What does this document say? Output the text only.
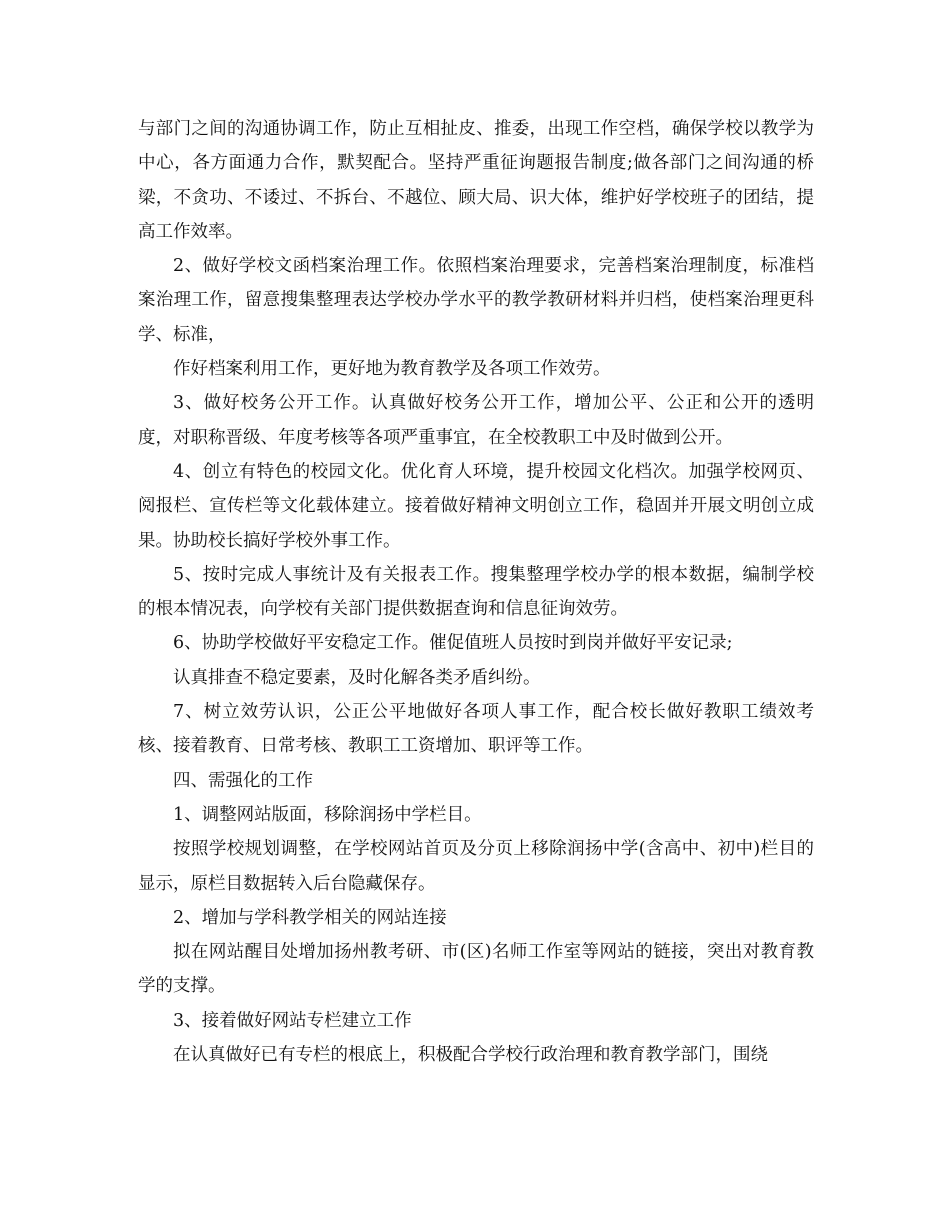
与部门之间的沟通协调工作，防止互相扯皮、推委，出现工作空档，确保学校以教学为中心，各方面通力合作，默契配合。坚持严重征询题报告制度;做各部门之间沟通的桥梁，不贪功、不诿过、不拆台、不越位、顾大局、识大体，维护好学校班子的团结，提高工作效率。

2、做好学校文函档案治理工作。依照档案治理要求，完善档案治理制度，标准档案治理工作，留意搜集整理表达学校办学水平的教学教研材料并归档，使档案治理更科学、标准，

作好档案利用工作，更好地为教育教学及各项工作效劳。

3、做好校务公开工作。认真做好校务公开工作，增加公平、公正和公开的透明度，对职称晋级、年度考核等各项严重事宜，在全校教职工中及时做到公开。

4、创立有特色的校园文化。优化育人环境，提升校园文化档次。加强学校网页、阅报栏、宣传栏等文化载体建立。接着做好精神文明创立工作，稳固并开展文明创立成果。协助校长搞好学校外事工作。

5、按时完成人事统计及有关报表工作。搜集整理学校办学的根本数据，编制学校的根本情况表，向学校有关部门提供数据查询和信息征询效劳。

6、协助学校做好平安稳定工作。催促值班人员按时到岗并做好平安记录;

认真排查不稳定要素，及时化解各类矛盾纠纷。

7、树立效劳认识，公正公平地做好各项人事工作，配合校长做好教职工绩效考核、接着教育、日常考核、教职工工资增加、职评等工作。

四、需强化的工作

1、调整网站版面，移除润扬中学栏目。

按照学校规划调整，在学校网站首页及分页上移除润扬中学(含高中、初中)栏目的显示，原栏目数据转入后台隐藏保存。

2、增加与学科教学相关的网站连接

拟在网站醒目处增加扬州教考研、市(区)名师工作室等网站的链接，突出对教育教学的支撑。

3、接着做好网站专栏建立工作

在认真做好已有专栏的根底上，积极配合学校行政治理和教育教学部门，围绕
